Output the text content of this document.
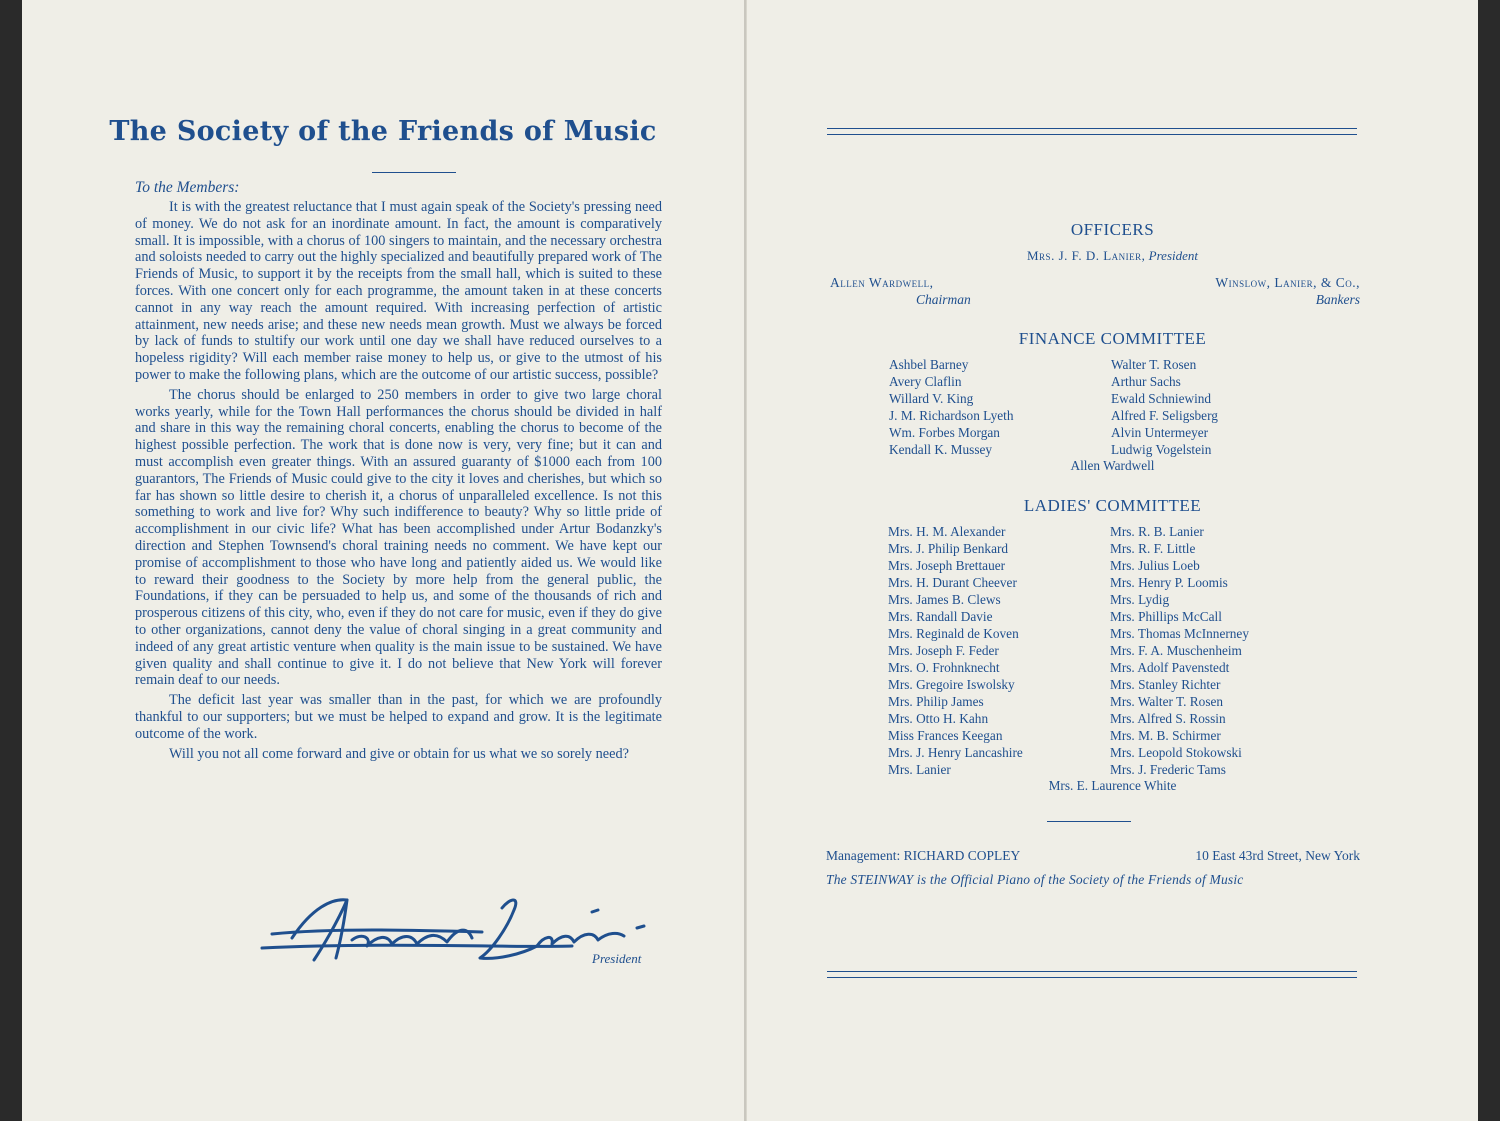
The Society of the Friends of Music
To the Members:

It is with the greatest reluctance that I must again speak of the Society's pressing need of money. We do not ask for an inordinate amount. In fact, the amount is comparatively small. It is impossible, with a chorus of 100 singers to maintain, and the necessary orchestra and soloists needed to carry out the highly specialized and beautifully prepared work of The Friends of Music, to support it by the receipts from the small hall, which is suited to these forces. With one concert only for each programme, the amount taken in at these concerts cannot in any way reach the amount required. With increasing perfection of artistic attainment, new needs arise; and these new needs mean growth. Must we always be forced by lack of funds to stultify our work until one day we shall have reduced ourselves to a hopeless rigidity? Will each member raise money to help us, or give to the utmost of his power to make the following plans, which are the outcome of our artistic success, possible?

The chorus should be enlarged to 250 members in order to give two large choral works yearly, while for the Town Hall performances the chorus should be divided in half and share in this way the remaining choral concerts, enabling the chorus to become of the highest possible perfection. The work that is done now is very, very fine; but it can and must accomplish even greater things. With an assured guaranty of $1000 each from 100 guarantors, The Friends of Music could give to the city it loves and cherishes, but which so far has shown so little desire to cherish it, a chorus of unparalleled excellence. Is not this something to work and live for? Why such indifference to beauty? Why so little pride of accomplishment in our civic life? What has been accomplished under Artur Bodanzky's direction and Stephen Townsend's choral training needs no comment. We have kept our promise of accomplishment to those who have long and patiently aided us. We would like to reward their goodness to the Society by more help from the general public, the Foundations, if they can be persuaded to help us, and some of the thousands of rich and prosperous citizens of this city, who, even if they do not care for music, even if they do give to other organizations, cannot deny the value of choral singing in a great community and indeed of any great artistic venture when quality is the main issue to be sustained. We have given quality and shall continue to give it. I do not believe that New York will forever remain deaf to our needs.

The deficit last year was smaller than in the past, for which we are profoundly thankful to our supporters; but we must be helped to expand and grow. It is the legitimate outcome of the work.

Will you not all come forward and give or obtain for us what we so sorely need?

President
OFFICERS
Mrs. J. F. D. Lanier, President
Allen Wardwell,
Chairman
Winslow, Lanier, & Co.,
Bankers
FINANCE COMMITTEE
Ashbel Barney
Avery Claflin
Willard V. King
J. M. Richardson Lyeth
Wm. Forbes Morgan
Kendall K. Mussey
Walter T. Rosen
Arthur Sachs
Ewald Schniewind
Alfred F. Seligsberg
Alvin Untermeyer
Ludwig Vogelstein
Allen Wardwell
LADIES' COMMITTEE
Mrs. H. M. Alexander
Mrs. J. Philip Benkard
Mrs. Joseph Brettauer
Mrs. H. Durant Cheever
Mrs. James B. Clews
Mrs. Randall Davie
Mrs. Reginald de Koven
Mrs. Joseph F. Feder
Mrs. O. Frohnknecht
Mrs. Gregoire Iswolsky
Mrs. Philip James
Mrs. Otto H. Kahn
Miss Frances Keegan
Mrs. J. Henry Lancashire
Mrs. Lanier
Mrs. R. B. Lanier
Mrs. R. F. Little
Mrs. Julius Loeb
Mrs. Henry P. Loomis
Mrs. Lydig
Mrs. Phillips McCall
Mrs. Thomas McInnerney
Mrs. F. A. Muschenheim
Mrs. Adolf Pavenstedt
Mrs. Stanley Richter
Mrs. Walter T. Rosen
Mrs. Alfred S. Rossin
Mrs. M. B. Schirmer
Mrs. Leopold Stokowski
Mrs. J. Frederic Tams
Mrs. E. Laurence White
Management: RICHARD COPLEY	10 East 43rd Street, New York
The STEINWAY is the Official Piano of the Society of the Friends of Music
